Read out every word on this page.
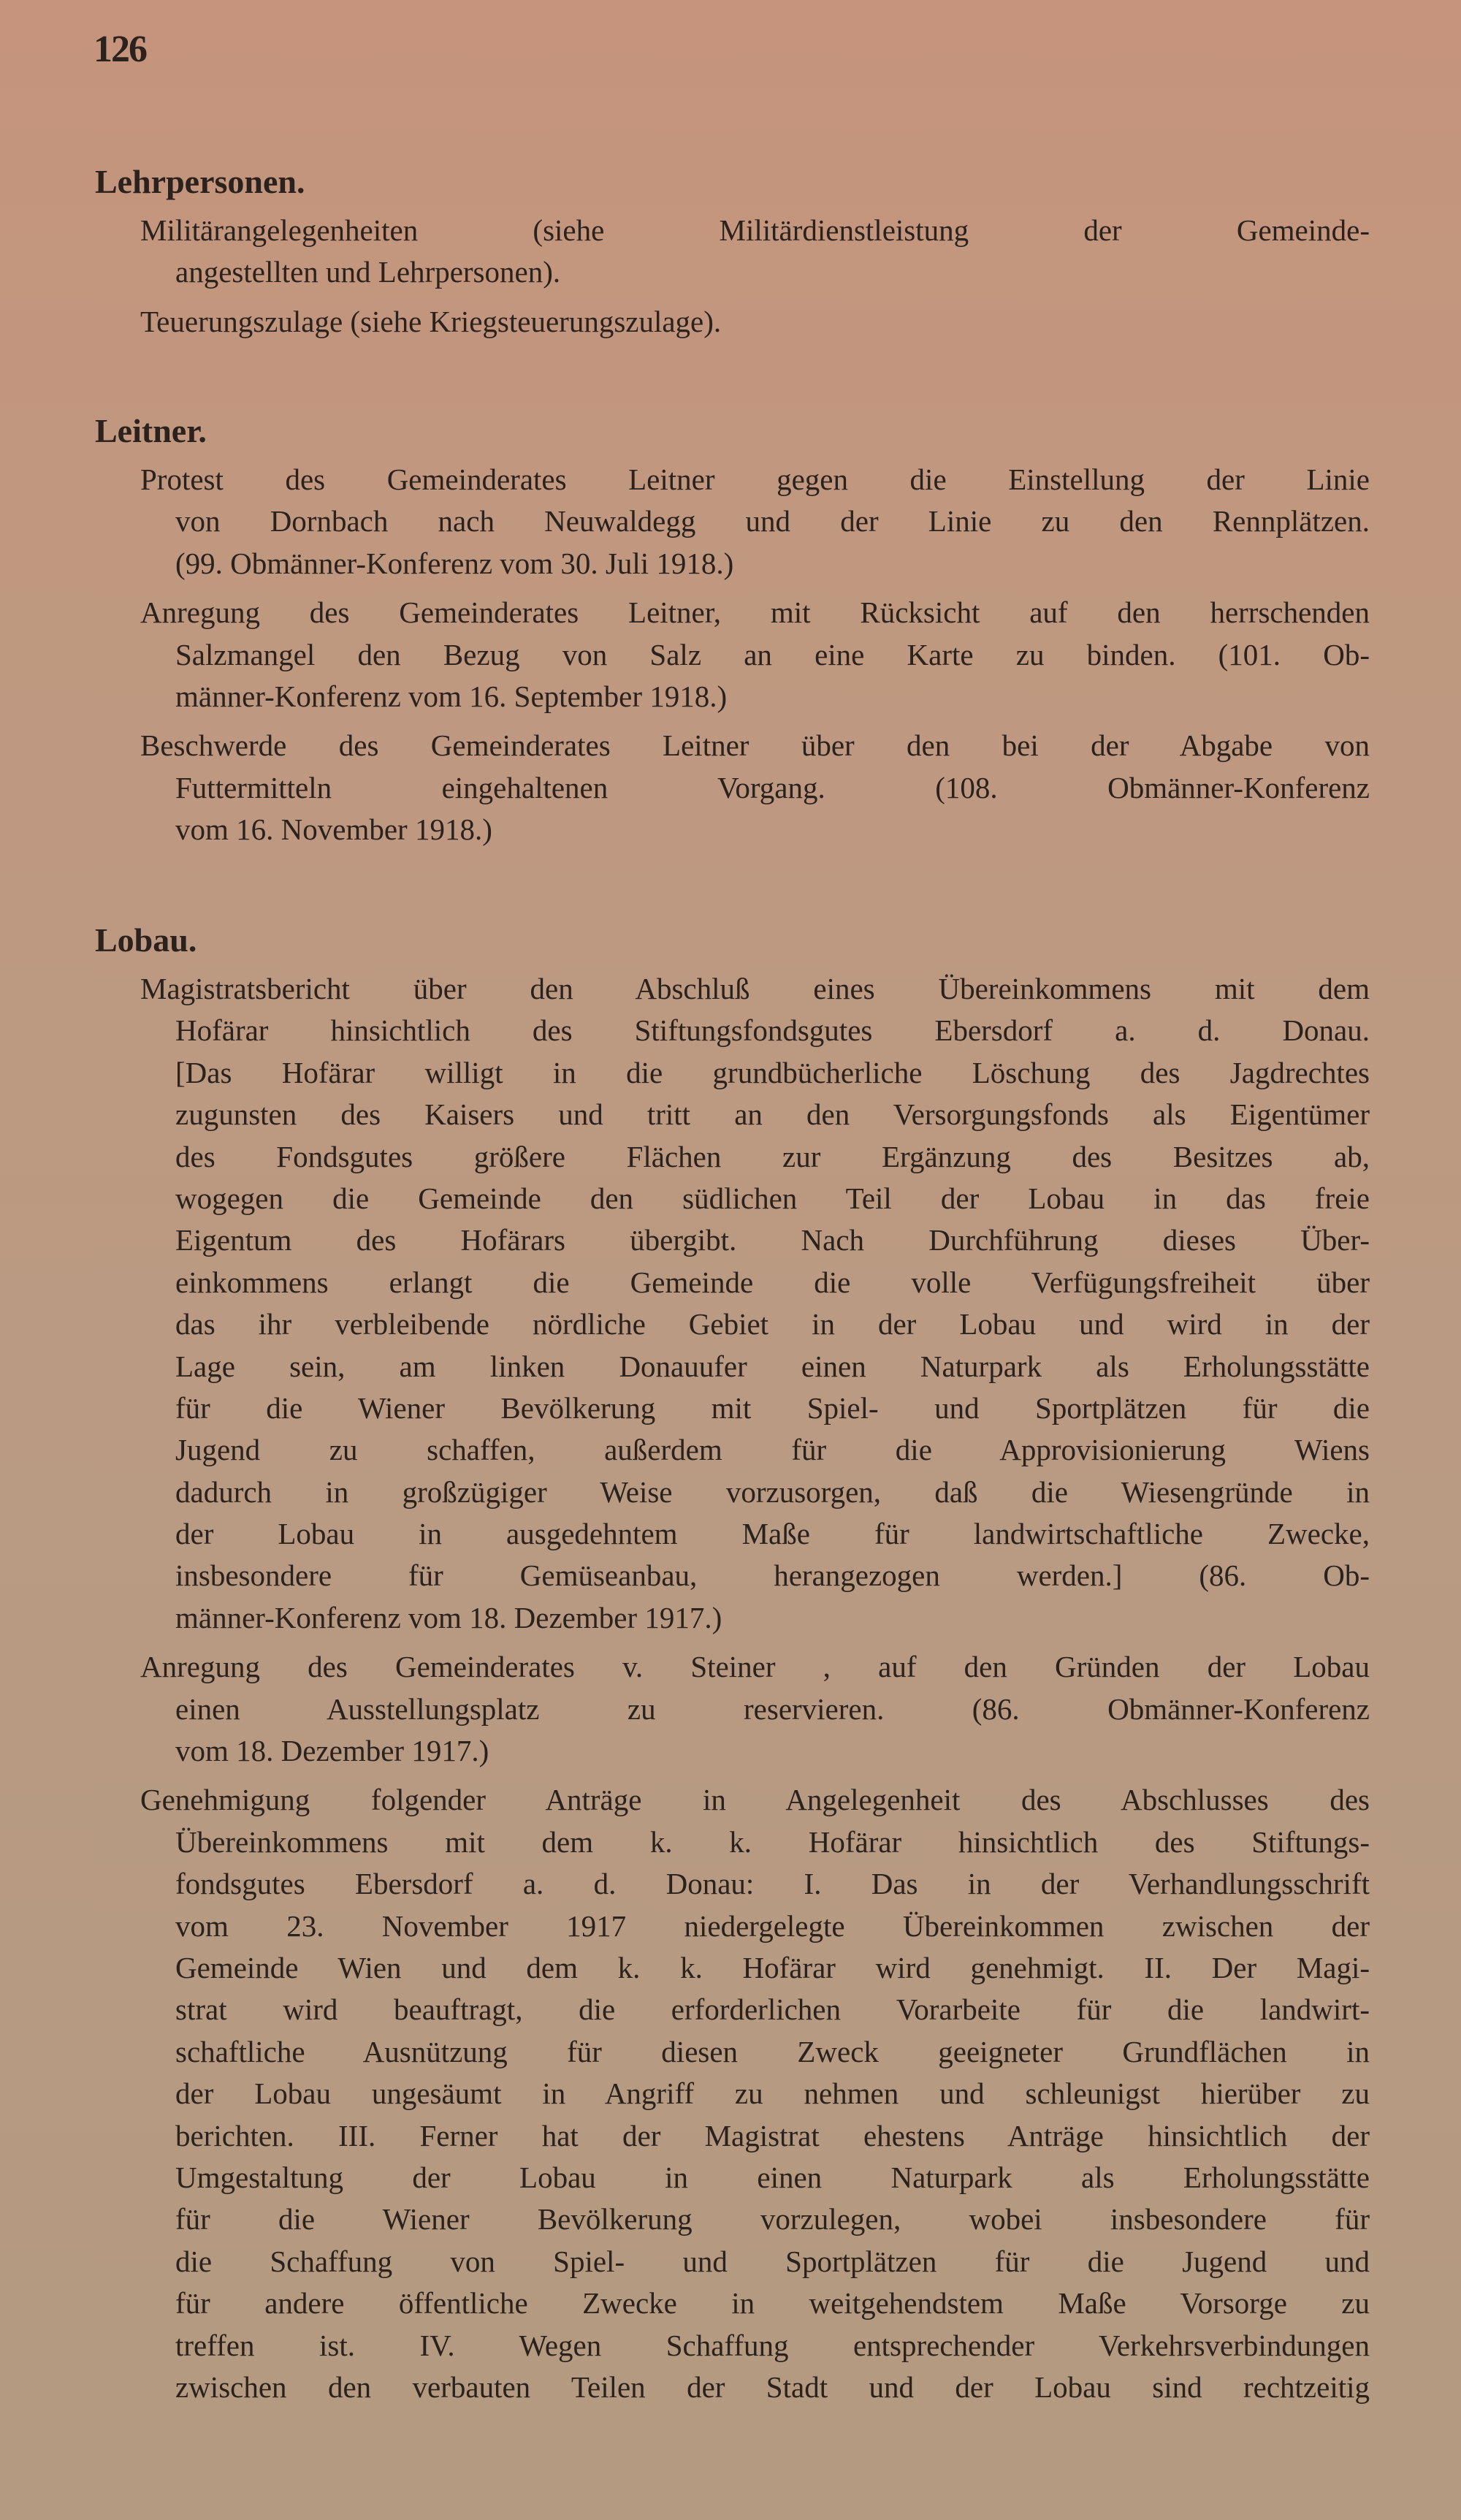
126
Lehrpersonen.
Militärangelegenheiten (siehe Militärdienstleistung der Gemeinde-
angestellten und Lehrpersonen).
Teuerungszulage (siehe Kriegsteuerungszulage).
Leitner.
Protest des Gemeinderates Leitner gegen die Einstellung der Linie
von Dornbach nach Neuwaldegg und der Linie zu den Rennplätzen.
(99. Obmänner-Konferenz vom 30. Juli 1918.)
Anregung des Gemeinderates Leitner, mit Rücksicht auf den herrschenden
Salzmangel den Bezug von Salz an eine Karte zu binden. (101. Ob-
männer-Konferenz vom 16. September 1918.)
Beschwerde des Gemeinderates Leitner über den bei der Abgabe von
Futtermitteln eingehaltenen Vorgang. (108. Obmänner-Konferenz
vom 16. November 1918.)
Lobau.
Magistratsbericht über den Abschluß eines Übereinkommens mit dem
Hofärar hinsichtlich des Stiftungsfondsgutes Ebersdorf a. d. Donau.
[Das Hofärar willigt in die grundbücherliche Löschung des Jagdrechtes
zugunsten des Kaisers und tritt an den Versorgungsfonds als Eigentümer
des Fondsgutes größere Flächen zur Ergänzung des Besitzes ab,
wogegen die Gemeinde den südlichen Teil der Lobau in das freie
Eigentum des Hofärars übergibt. Nach Durchführung dieses Über-
einkommens erlangt die Gemeinde die volle Verfügungsfreiheit über
das ihr verbleibende nördliche Gebiet in der Lobau und wird in der
Lage sein, am linken Donauufer einen Naturpark als Erholungsstätte
für die Wiener Bevölkerung mit Spiel- und Sportplätzen für die
Jugend zu schaffen, außerdem für die Approvisionierung Wiens
dadurch in großzügiger Weise vorzusorgen, daß die Wiesengründe in
der Lobau in ausgedehntem Maße für landwirtschaftliche Zwecke,
insbesondere für Gemüseanbau, herangezogen werden.] (86. Ob-
männer-Konferenz vom 18. Dezember 1917.)
Anregung des Gemeinderates v. Steiner , auf den Gründen der Lobau
einen Ausstellungsplatz zu reservieren. (86. Obmänner-Konferenz
vom 18. Dezember 1917.)
Genehmigung folgender Anträge in Angelegenheit des Abschlusses des
Übereinkommens mit dem k. k. Hofärar hinsichtlich des Stiftungs-
fondsgutes Ebersdorf a. d. Donau: I. Das in der Verhandlungsschrift
vom 23. November 1917 niedergelegte Übereinkommen zwischen der
Gemeinde Wien und dem k. k. Hofärar wird genehmigt. II. Der Magi-
strat wird beauftragt, die erforderlichen Vorarbeite für die landwirt-
schaftliche Ausnützung für diesen Zweck geeigneter Grundflächen in
der Lobau ungesäumt in Angriff zu nehmen und schleunigst hierüber zu
berichten. III. Ferner hat der Magistrat ehestens Anträge hinsichtlich der
Umgestaltung der Lobau in einen Naturpark als Erholungsstätte
für die Wiener Bevölkerung vorzulegen, wobei insbesondere für
die Schaffung von Spiel- und Sportplätzen für die Jugend und
für andere öffentliche Zwecke in weitgehendstem Maße Vorsorge zu
treffen ist. IV. Wegen Schaffung entsprechender Verkehrsverbindungen
zwischen den verbauten Teilen der Stadt und der Lobau sind rechtzeitig
